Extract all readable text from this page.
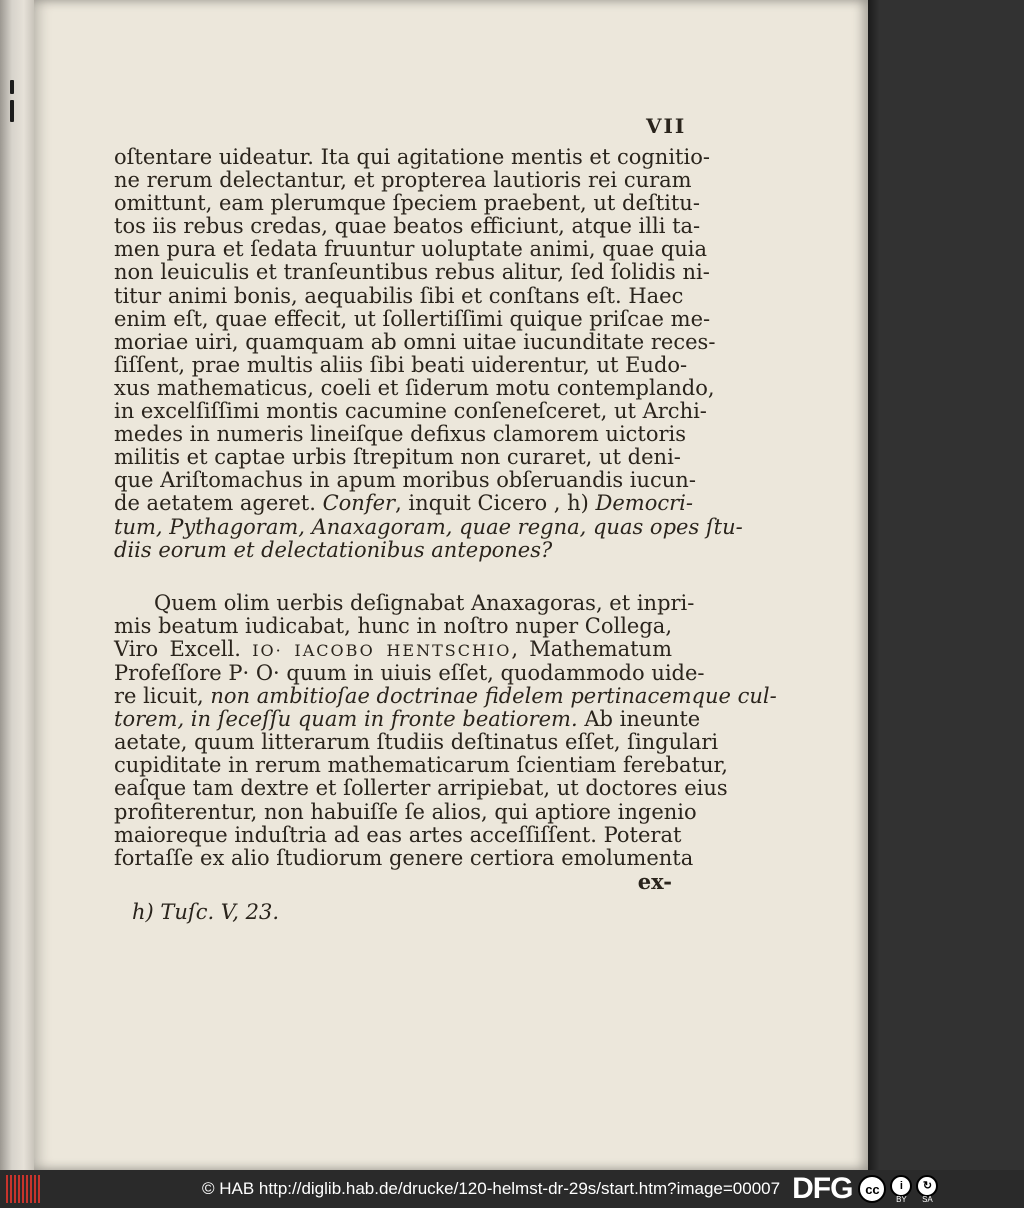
VII
oſtentare uideatur. Ita qui agitatione mentis et cognitio-
ne rerum delectantur, et propterea lautioris rei curam
omittunt, eam plerumque ſpeciem praebent, ut deſtitu-
tos iis rebus credas, quae beatos efficiunt, atque illi ta-
men pura et ſedata fruuntur uoluptate animi, quae quia
non leuiculis et tranſeuntibus rebus alitur, ſed ſolidis ni-
titur animi bonis, aequabilis ſibi et conſtans eſt. Haec
enim eſt, quae effecit, ut ſollertiſſimi quique priſcae me-
moriae uiri, quamquam ab omni uitae iucunditate reces-
ſiſſent, prae multis aliis ſibi beati uiderentur, ut Eudo-
xus mathematicus, coeli et ſiderum motu contemplando,
in excelſiſſimi montis cacumine conſeneſceret, ut Archi-
medes in numeris lineiſque defixus clamorem uictoris
militis et captae urbis ſtrepitum non curaret, ut deni-
que Ariſtomachus in apum moribus obſeruandis iucun-
de aetatem ageret. Confer, inquit Cicero , h) Democri-
tum, Pythagoram, Anaxagoram, quae regna, quas opes ſtu-
diis eorum et delectationibus antepones?
Quem olim uerbis deſignabat Anaxagoras, et inpri-
mis beatum iudicabat, hunc in noſtro nuper Collega,
Viro Excell. IO· IACOBO HENTSCHIO, Mathematum
Profeſſore P· O· quum in uiuis eſſet, quodammodo uide-
re licuit, non ambitioſae doctrinae fidelem pertinacemque cul-
torem, in ſeceſſu quam in fronte beatiorem. Ab ineunte
aetate, quum litterarum ſtudiis deſtinatus eſſet, ſingulari
cupiditate in rerum mathematicarum ſcientiam ferebatur,
eaſque tam dextre et ſollerter arripiebat, ut doctores eius
profiterentur, non habuiſſe ſe alios, qui aptiore ingenio
maioreque induſtria ad eas artes acceſſiſſent. Poterat
fortaſſe ex alio ſtudiorum genere certiora emolumenta
ex-
h) Tuſc. V, 23.
© HAB http://diglib.hab.de/drucke/120-helmst-dr-29s/start.htm?image=00007 DFG cc	i
BY
↻
SA
